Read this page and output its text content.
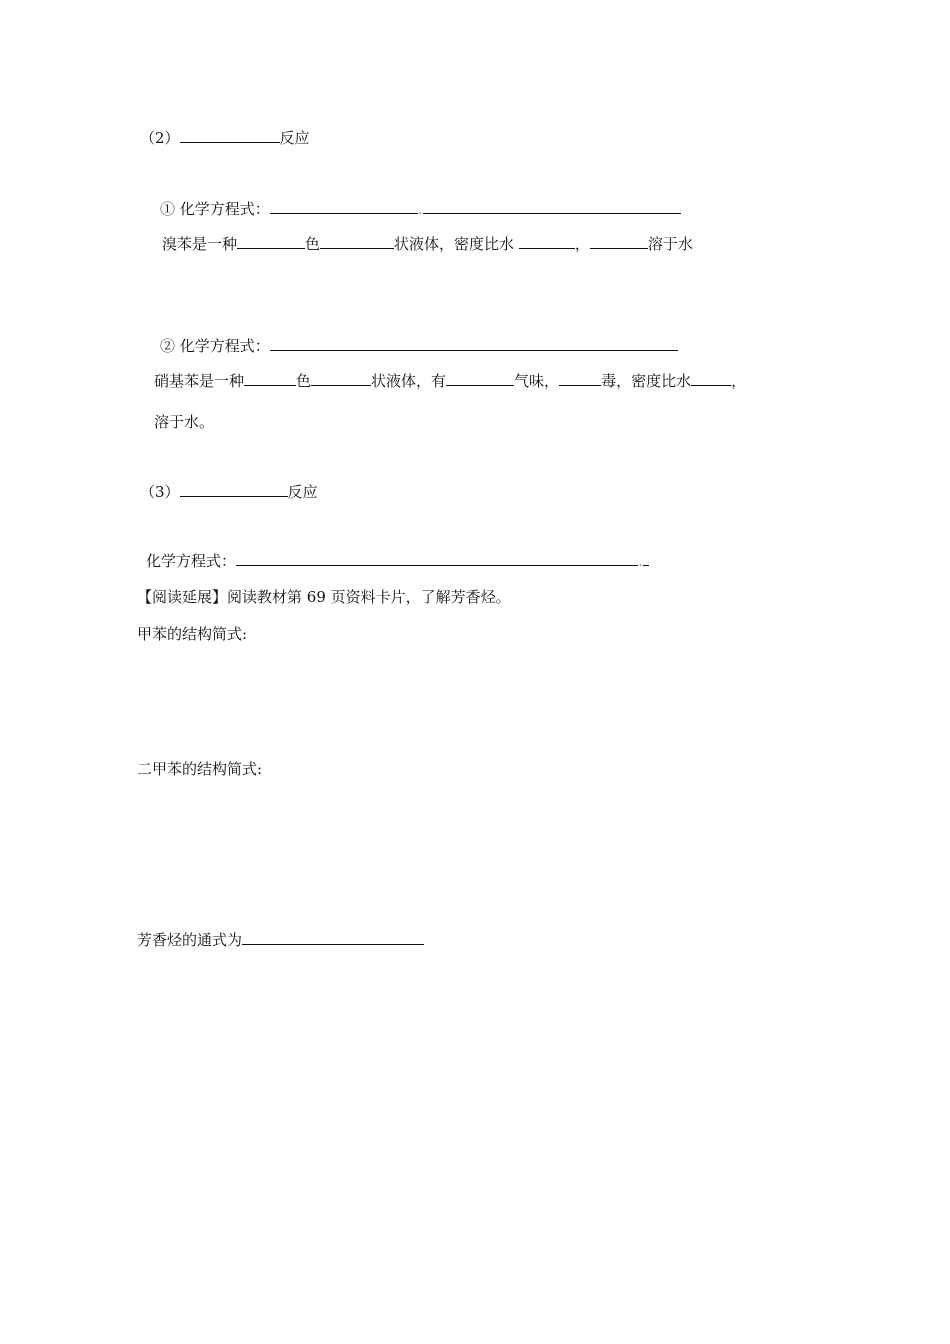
（2）	反应
① 化学方程式：	.
溴苯是一种	色	状液体，密度比水	，	溶于水
② 化学方程式：
硝基苯是一种	色	状液体，有	气味，	毒，密度比水	，
溶于水。
（3）	反应
化学方程式：	.
【阅读延展】阅读教材第 69 页资料卡片，了解芳香烃。
甲苯的结构简式:
二甲苯的结构简式:
芳香烃的通式为
